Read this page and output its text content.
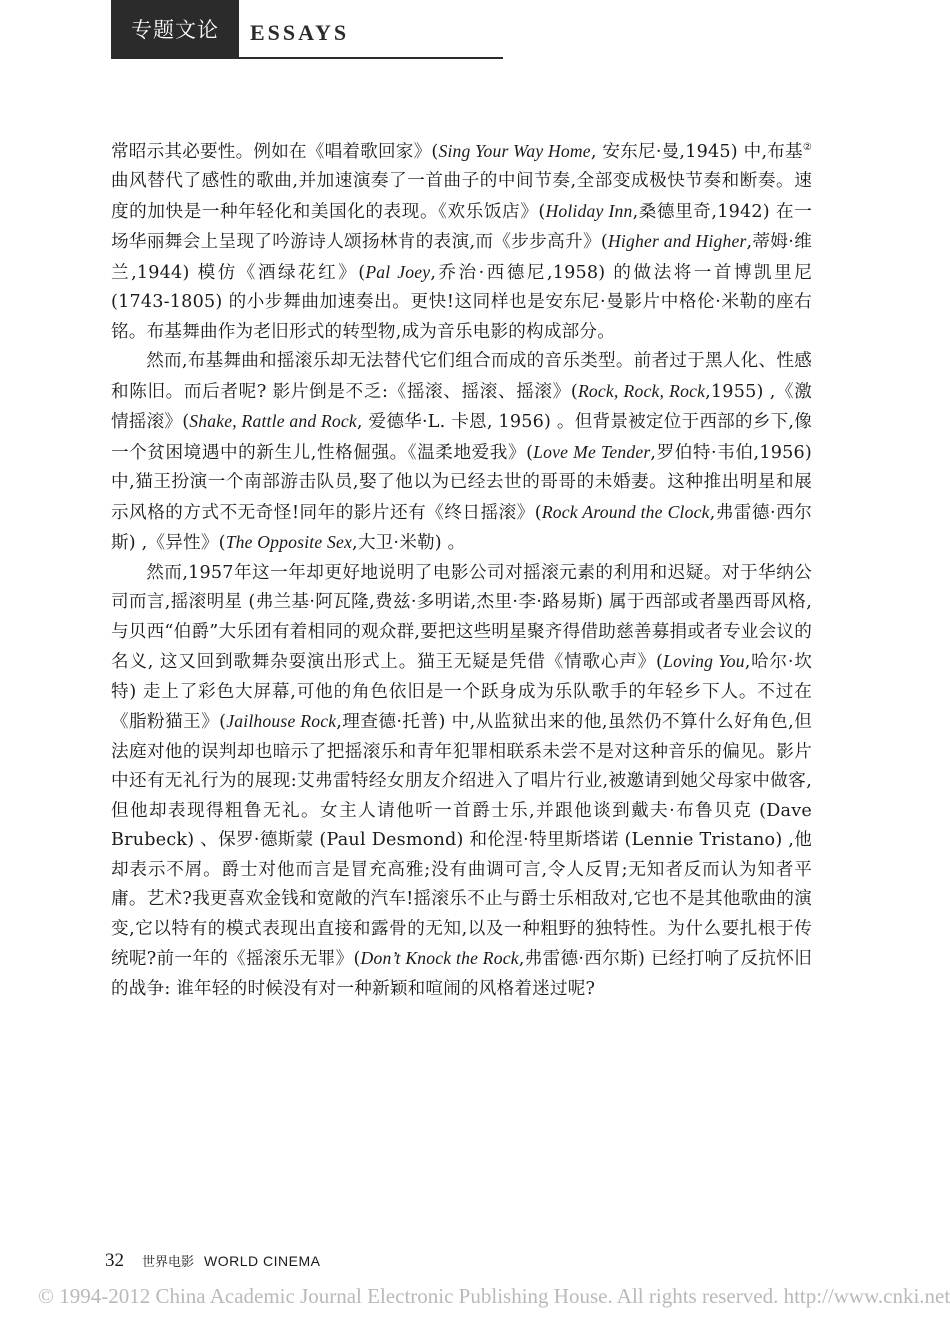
专题文论 ESSAYS

常昭示其必要性。例如在《唱着歌回家》(Sing Your Way Home, 安东尼·曼,1945) 中,布基②曲风替代了感性的歌曲,并加速演奏了一首曲子的中间节奏,全部变成极快节奏和断奏。速度的加快是一种年轻化和美国化的表现。《欢乐饭店》(Holiday Inn,桑德里奇,1942) 在一场华丽舞会上呈现了吟游诗人颂扬林肯的表演,而《步步高升》(Higher and Higher,蒂姆·维兰,1944) 模仿《酒绿花红》(Pal Joey,乔治·西德尼,1958) 的做法将一首博凯里尼 (1743-1805) 的小步舞曲加速奏出。更快!这同样也是安东尼·曼影片中格伦·米勒的座右铭。布基舞曲作为老旧形式的转型物,成为音乐电影的构成部分。

然而,布基舞曲和摇滚乐却无法替代它们组合而成的音乐类型。前者过于黑人化、性感和陈旧。而后者呢? 影片倒是不乏:《摇滚、摇滚、摇滚》(Rock, Rock, Rock,1955) ,《激情摇滚》(Shake, Rattle and Rock, 爱德华·L. 卡恩, 1956) 。但背景被定位于西部的乡下,像一个贫困境遇中的新生儿,性格倔强。《温柔地爱我》(Love Me Tender,罗伯特·韦伯,1956) 中,猫王扮演一个南部游击队员,娶了他以为已经去世的哥哥的未婚妻。这种推出明星和展示风格的方式不无奇怪!同年的影片还有《终日摇滚》(Rock Around the Clock,弗雷德·西尔斯) ,《异性》(The Opposite Sex,大卫·米勒) 。

然而,1957年这一年却更好地说明了电影公司对摇滚元素的利用和迟疑。对于华纳公司而言,摇滚明星 (弗兰基·阿瓦隆,费兹·多明诺,杰里·李·路易斯) 属于西部或者墨西哥风格,与贝西“伯爵”大乐团有着相同的观众群,要把这些明星聚齐得借助慈善募捐或者专业会议的名义, 这又回到歌舞杂耍演出形式上。猫王无疑是凭借《情歌心声》(Loving You,哈尔·坎特) 走上了彩色大屏幕,可他的角色依旧是一个跃身成为乐队歌手的年轻乡下人。不过在《脂粉猫王》(Jailhouse Rock,理查德·托普) 中,从监狱出来的他,虽然仍不算什么好角色,但法庭对他的误判却也暗示了把摇滚乐和青年犯罪相联系未尝不是对这种音乐的偏见。影片中还有无礼行为的展现:艾弗雷特经女朋友介绍进入了唱片行业,被邀请到她父母家中做客,但他却表现得粗鲁无礼。女主人请他听一首爵士乐,并跟他谈到戴夫·布鲁贝克 (Dave Brubeck) 、保罗·德斯蒙 (Paul Desmond) 和伦涅·特里斯塔诺 (Lennie Tristano) ,他却表示不屑。爵士对他而言是冒充高雅;没有曲调可言,令人反胃;无知者反而认为知者平庸。艺术?我更喜欢金钱和宽敞的汽车!摇滚乐不止与爵士乐相敌对,它也不是其他歌曲的演变,它以特有的模式表现出直接和露骨的无知,以及一种粗野的独特性。为什么要扎根于传统呢?前一年的《摇滚乐无罪》(Don’t Knock the Rock,弗雷德·西尔斯) 已经打响了反抗怀旧的战争: 谁年轻的时候没有对一种新颖和喧闹的风格着迷过呢?

32 世界电影 WORLD CINEMA
© 1994-2012 China Academic Journal Electronic Publishing House. All rights reserved. http://www.cnki.net
